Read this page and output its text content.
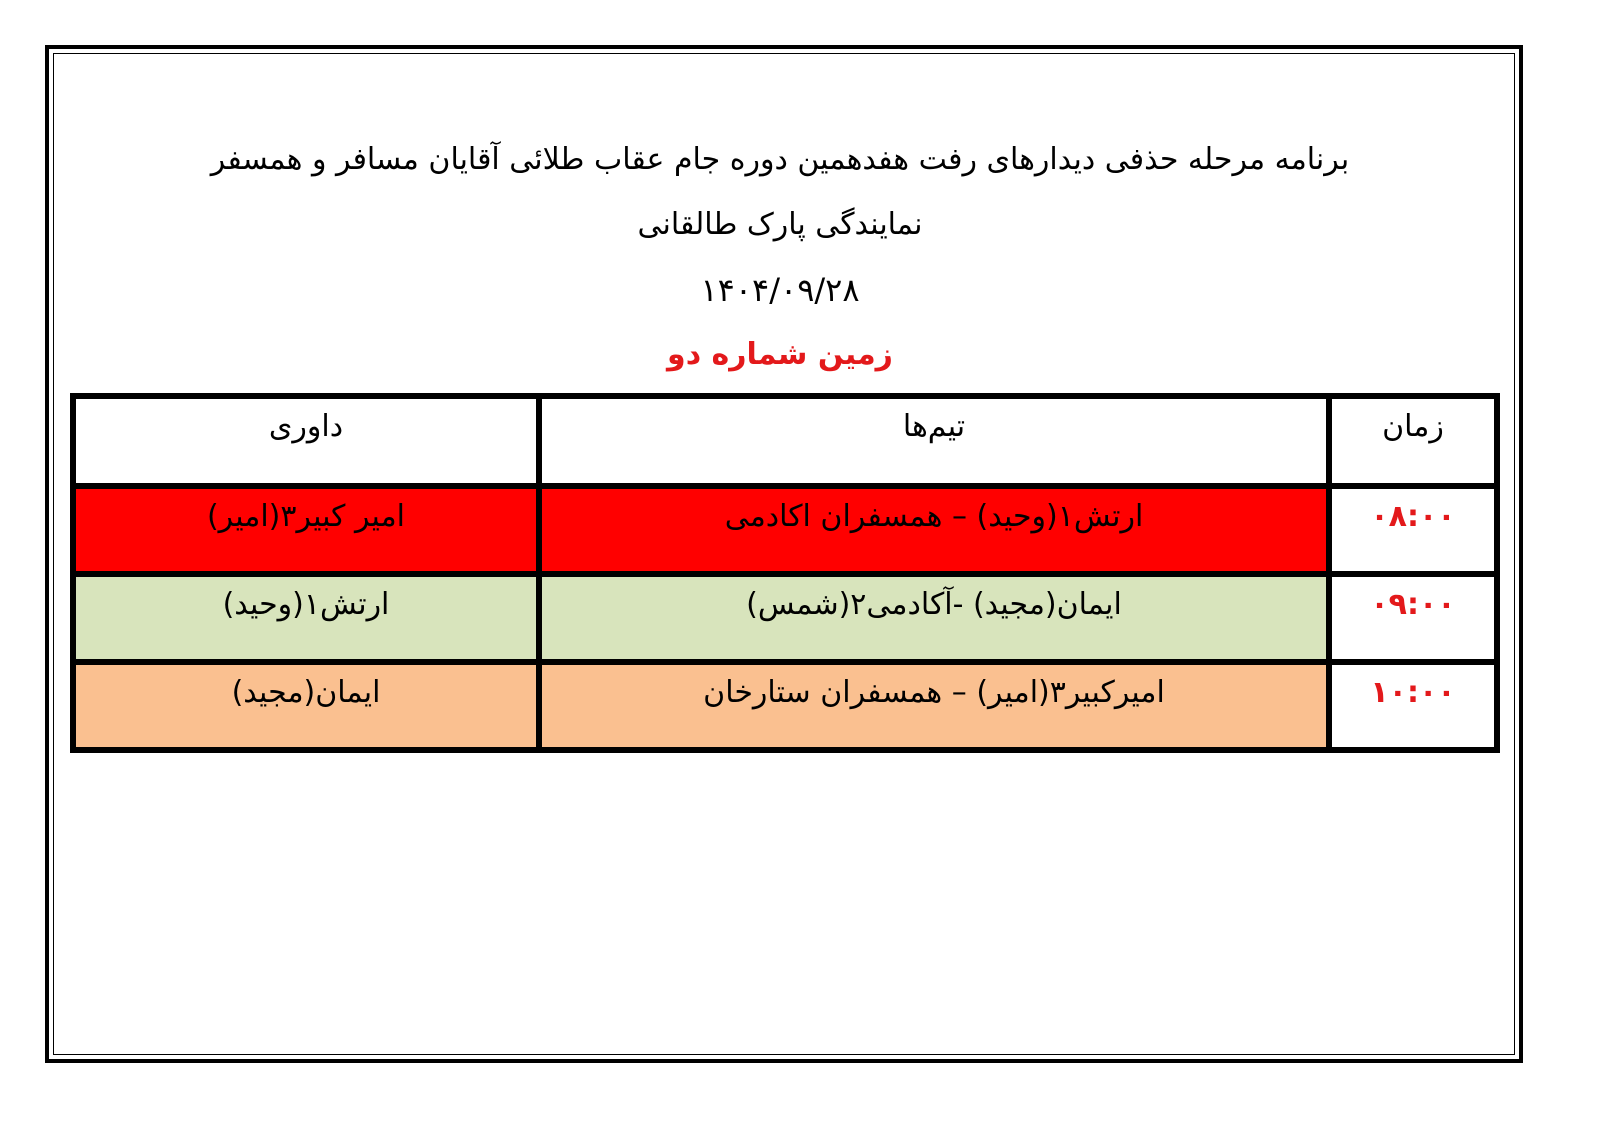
برنامه مرحله حذفی دیدارهای رفت هفدهمین دوره جام عقاب طلائی آقایان مسافر و همسفر
نمایندگی پارک طالقانی
۱۴۰۴/۰۹/۲۸
زمین شماره دو
زمان	تیم‌ها	داوری
۰۸:۰۰	ارتش۱(وحید) – همسفران اکادمی	امیر کبیر۳(امیر)
۰۹:۰۰	ایمان(مجید) -آکادمی۲(شمس)	ارتش۱(وحید)
۱۰:۰۰	امیرکبیر۳(امیر) – همسفران ستارخان	ایمان(مجید)
